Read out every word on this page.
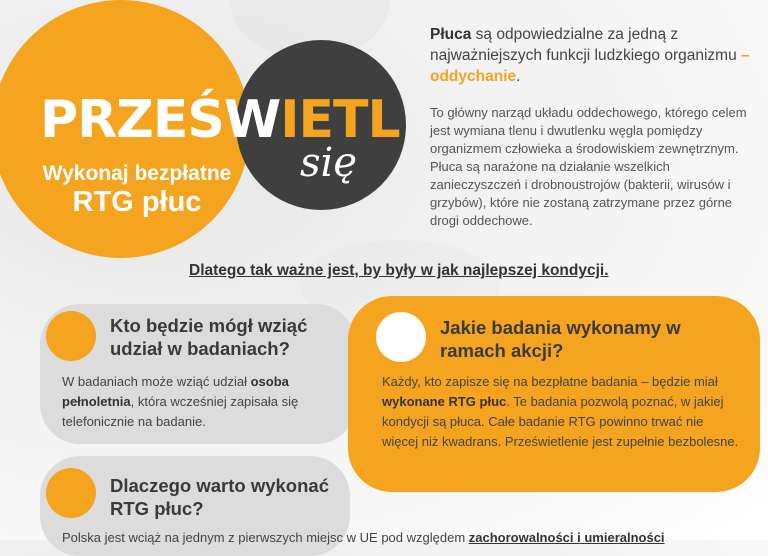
PRZEŚWIETL
się
Wykonaj bezpłatne
RTG płuc
Płuca są odpowiedzialne za jedną z najważniejszych funkcji ludzkiego organizmu – oddychanie.
To główny narząd układu oddechowego, którego celem jest wymiana tlenu i dwutlenku węgla pomiędzy organizmem człowieka a środowiskiem zewnętrznym. Płuca są narażone na działanie wszelkich zanieczyszczeń i drobnoustrojów (bakterii, wirusów i grzybów), które nie zostaną zatrzymane przez górne drogi oddechowe.
Dlatego tak ważne jest, by były w jak najlepszej kondycji.
Kto będzie mógł wziąć udział w badaniach?
W badaniach może wziąć udział osoba pełnoletnia, która wcześniej zapisała się telefonicznie na badanie.
Jakie badania wykonamy w ramach akcji?
Każdy, kto zapisze się na bezpłatne badania – będzie miał wykonane RTG płuc. Te badania pozwolą poznać, w jakiej kondycji są płuca. Całe badanie RTG powinno trwać nie więcej niż kwadrans. Prześwietlenie jest zupełnie bezbolesne.
Dlaczego warto wykonać RTG płuc?
Polska jest wciąż na jednym z pierwszych miejsc w UE pod względem zachorowalności i umieralności
